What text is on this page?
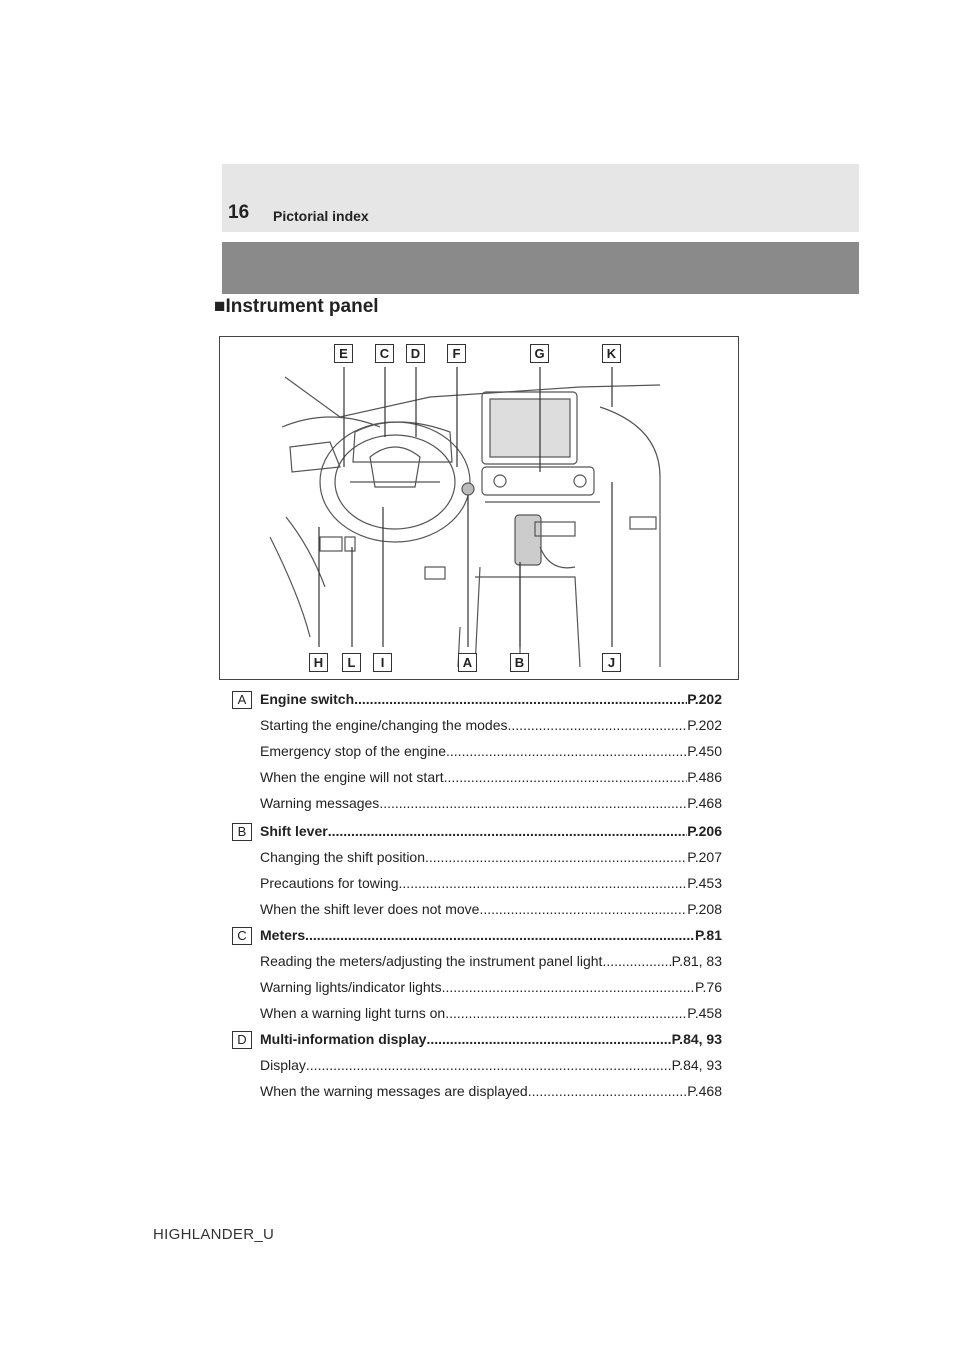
16 Pictorial index
■Instrument panel
E	C	D	F	G	K
H	L	I	A	B	J
A Engine switch .....	P.202
Starting the engine/changing the modes .....	P.202
Emergency stop of the engine .....	P.450
When the engine will not start .....	P.486
Warning messages .....	P.468
B Shift lever .....	P.206
Changing the shift position .....	P.207
Precautions for towing .....	P.453
When the shift lever does not move .....	P.208
C Meters .....	P.81
Reading the meters/adjusting the instrument panel light .....	P.81, 83
Warning lights/indicator lights .....	P.76
When a warning light turns on .....	P.458
D Multi-information display .....	P.84, 93
Display .....	P.84, 93
When the warning messages are displayed .....	P.468
HIGHLANDER_U
